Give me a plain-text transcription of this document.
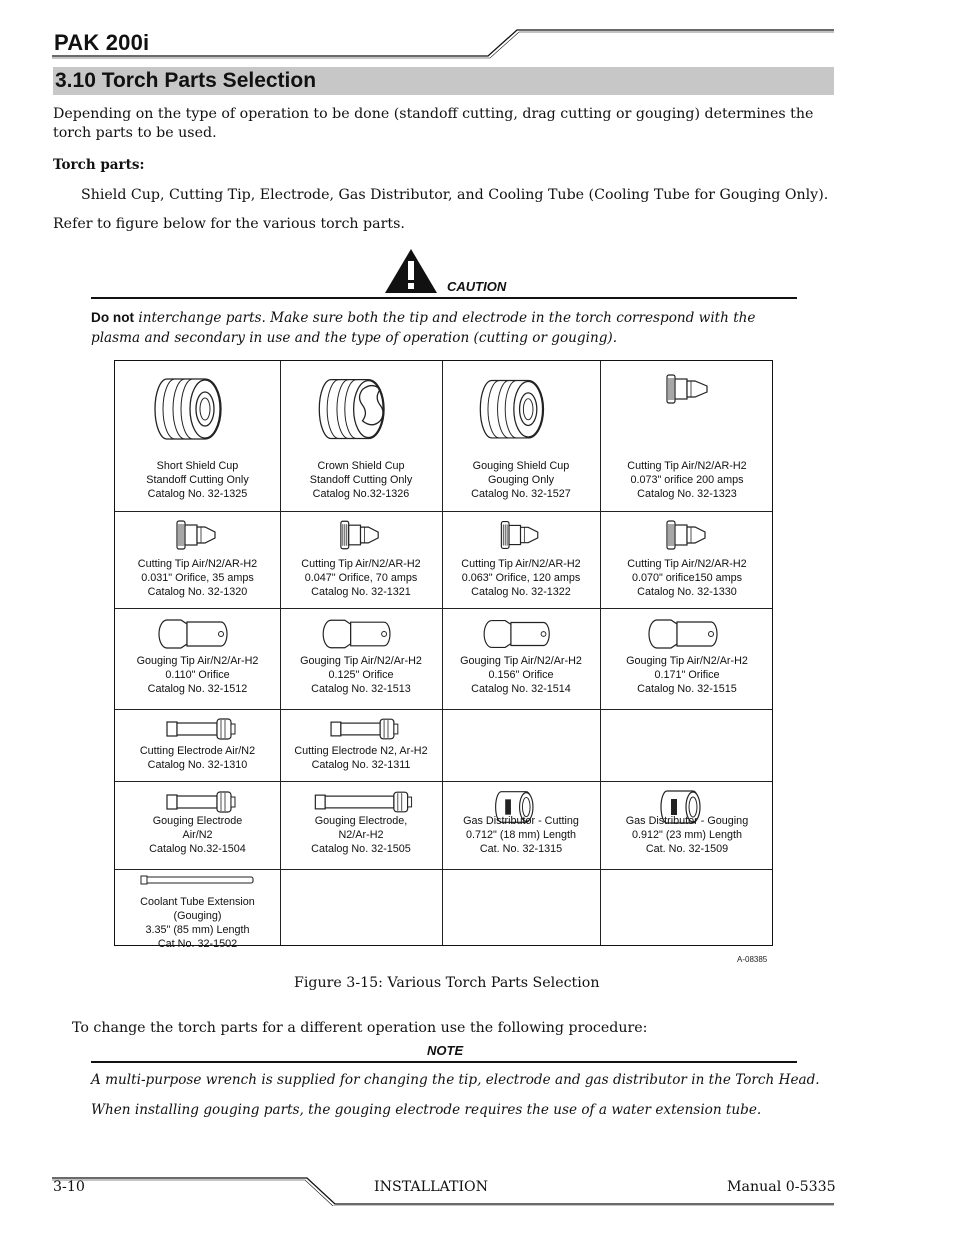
PAK 200i
3.10 Torch Parts Selection
Depending on the type of operation to be done (standoff cutting, drag cutting or gouging) determines the torch parts to be used.
Torch parts:
Shield Cup, Cutting Tip, Electrode, Gas Distributor, and Cooling Tube (Cooling Tube for Gouging Only).
Refer to figure below for the various torch parts.
CAUTION
Do not interchange parts. Make sure both the tip and electrode in the torch correspond with the plasma and secondary in use and the type of operation (cutting or gouging).
Short Shield Cup
Standoff Cutting Only
Catalog No. 32-1325
Crown Shield Cup
Standoff Cutting Only
Catalog No.32-1326
Gouging Shield Cup
Gouging Only
Catalog No. 32-1527
Cutting Tip Air/N2/AR-H2
0.073" orifice 200 amps
Catalog No. 32-1323
Cutting Tip Air/N2/AR-H2
0.031" Orifice, 35 amps
Catalog No. 32-1320
Cutting Tip Air/N2/AR-H2
0.047" Orifice, 70 amps
Catalog No. 32-1321
Cutting Tip Air/N2/AR-H2
0.063" Orifice, 120 amps
Catalog No. 32-1322
Cutting Tip Air/N2/AR-H2
0.070" orifice150 amps
Catalog No. 32-1330
Gouging Tip Air/N2/Ar-H2
0.110" Orifice
Catalog No. 32-1512
Gouging Tip Air/N2/Ar-H2
0.125" Orifice
Catalog No. 32-1513
Gouging Tip Air/N2/Ar-H2
0.156" Orifice
Catalog No. 32-1514
Gouging Tip Air/N2/Ar-H2
0.171" Orifice
Catalog No. 32-1515
Cutting Electrode Air/N2
Catalog No. 32-1310
Cutting Electrode N2, Ar-H2
Catalog No. 32-1311
Gouging Electrode
Air/N2
Catalog No.32-1504
Gouging Electrode,
N2/Ar-H2
Catalog No. 32-1505
Gas Distributor - Cutting
0.712" (18 mm) Length
Cat. No. 32-1315
Gas Distributor - Gouging
0.912" (23 mm) Length
Cat. No. 32-1509
Coolant Tube Extension
(Gouging)
3.35" (85 mm) Length
Cat No. 32-1502
A-08385
Figure 3-15: Various Torch Parts Selection
To change the torch parts for a different operation use the following procedure:
NOTE
A multi-purpose wrench is supplied for changing the tip, electrode and gas distributor in the Torch Head.
When installing gouging parts, the gouging electrode requires the use of a water extension tube.
3-10	INSTALLATION	Manual 0-5335
